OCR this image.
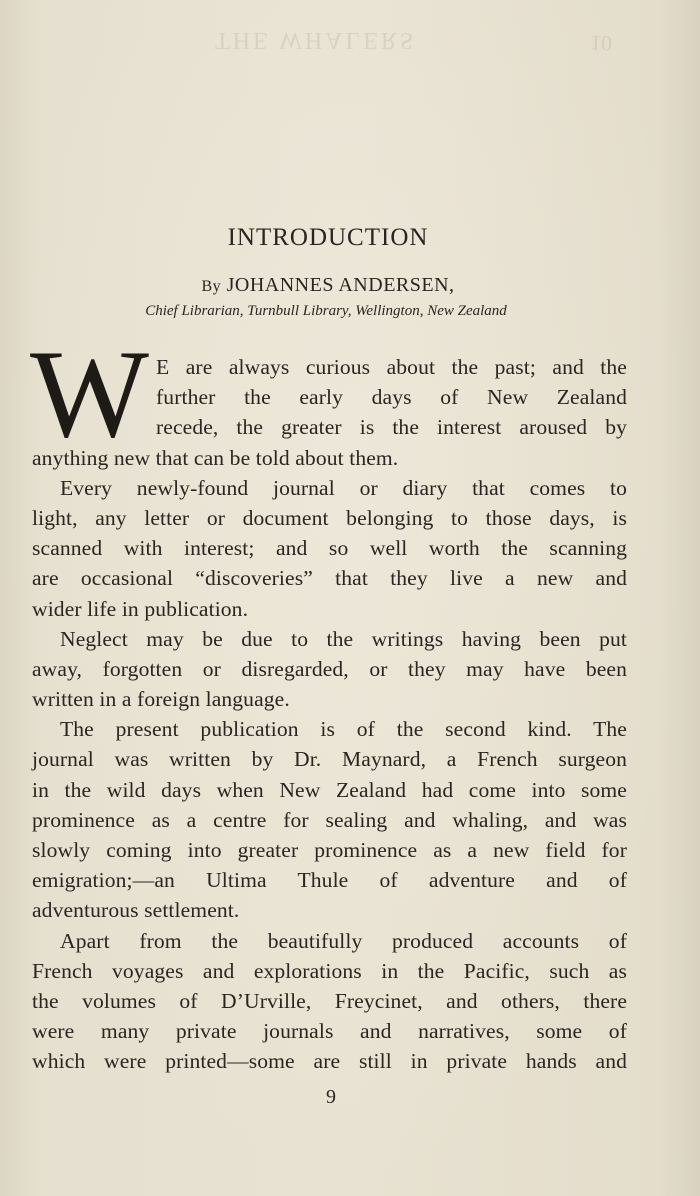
THE WHALERS	10
INTRODUCTION
By JOHANNES ANDERSEN,
Chief Librarian, Turnbull Library, Wellington, New Zealand
W E are always curious about the past; and the
further the early days of New Zealand
recede, the greater is the interest aroused by
anything new that can be told about them.
Every newly-found journal or diary that comes to
light, any letter or document belonging to those days, is
scanned with interest; and so well worth the scanning
are occasional “discoveries” that they live a new and
wider life in publication.
Neglect may be due to the writings having been put
away, forgotten or disregarded, or they may have been
written in a foreign language.
The present publication is of the second kind. The
journal was written by Dr. Maynard, a French surgeon
in the wild days when New Zealand had come into some
prominence as a centre for sealing and whaling, and was
slowly coming into greater prominence as a new field for
emigration;—an Ultima Thule of adventure and of
adventurous settlement.
Apart from the beautifully produced accounts of
French voyages and explorations in the Pacific, such as
the volumes of D’Urville, Freycinet, and others, there
were many private journals and narratives, some of
which were printed—some are still in private hands and
9
